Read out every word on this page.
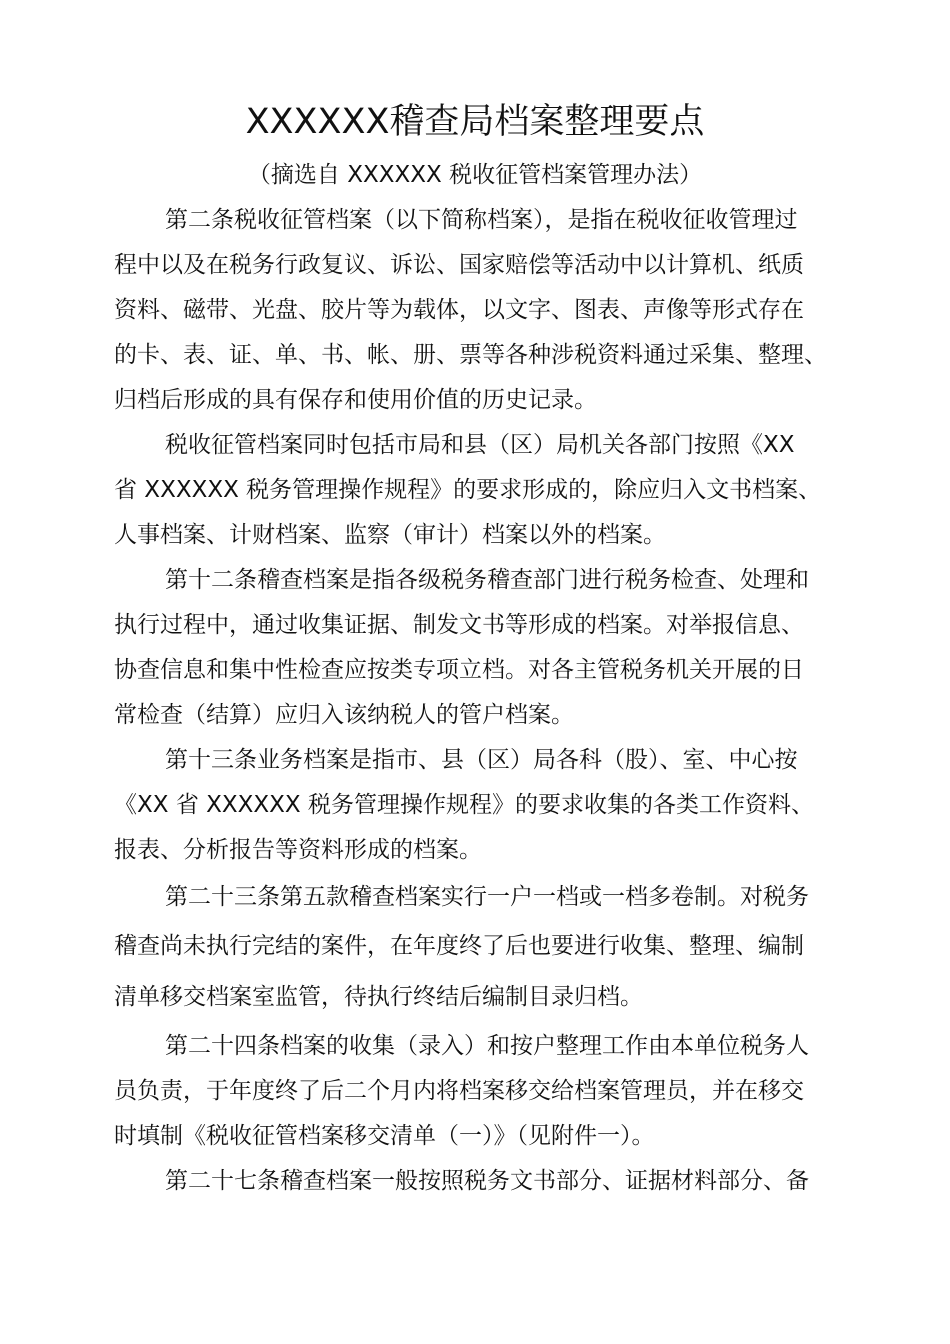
XXXXXX稽查局档案整理要点
（摘选自 XXXXXX 税收征管档案管理办法）
第二条税收征管档案（以下简称档案），是指在税收征收管理过
程中以及在税务行政复议、诉讼、国家赔偿等活动中以计算机、纸质
资料、磁带、光盘、胶片等为载体，以文字、图表、声像等形式存在
的卡、表、证、单、书、帐、册、票等各种涉税资料通过采集、整理、
归档后形成的具有保存和使用价值的历史记录。
税收征管档案同时包括市局和县（区）局机关各部门按照《XX
省 XXXXXX 税务管理操作规程》的要求形成的，除应归入文书档案、
人事档案、计财档案、监察（审计）档案以外的档案。
第十二条稽查档案是指各级税务稽查部门进行税务检查、处理和
执行过程中，通过收集证据、制发文书等形成的档案。对举报信息、
协查信息和集中性检查应按类专项立档。对各主管税务机关开展的日
常检查（结算）应归入该纳税人的管户档案。
第十三条业务档案是指市、县（区）局各科（股）、室、中心按
《XX 省 XXXXXX 税务管理操作规程》的要求收集的各类工作资料、
报表、分析报告等资料形成的档案。
第二十三条第五款稽查档案实行一户一档或一档多卷制。对税务
稽查尚未执行完结的案件，在年度终了后也要进行收集、整理、编制
清单移交档案室监管，待执行终结后编制目录归档。
第二十四条档案的收集（录入）和按户整理工作由本单位税务人
员负责，于年度终了后二个月内将档案移交给档案管理员，并在移交
时填制《税收征管档案移交清单（一）》（见附件一）。
第二十七条稽查档案一般按照税务文书部分、证据材料部分、备
